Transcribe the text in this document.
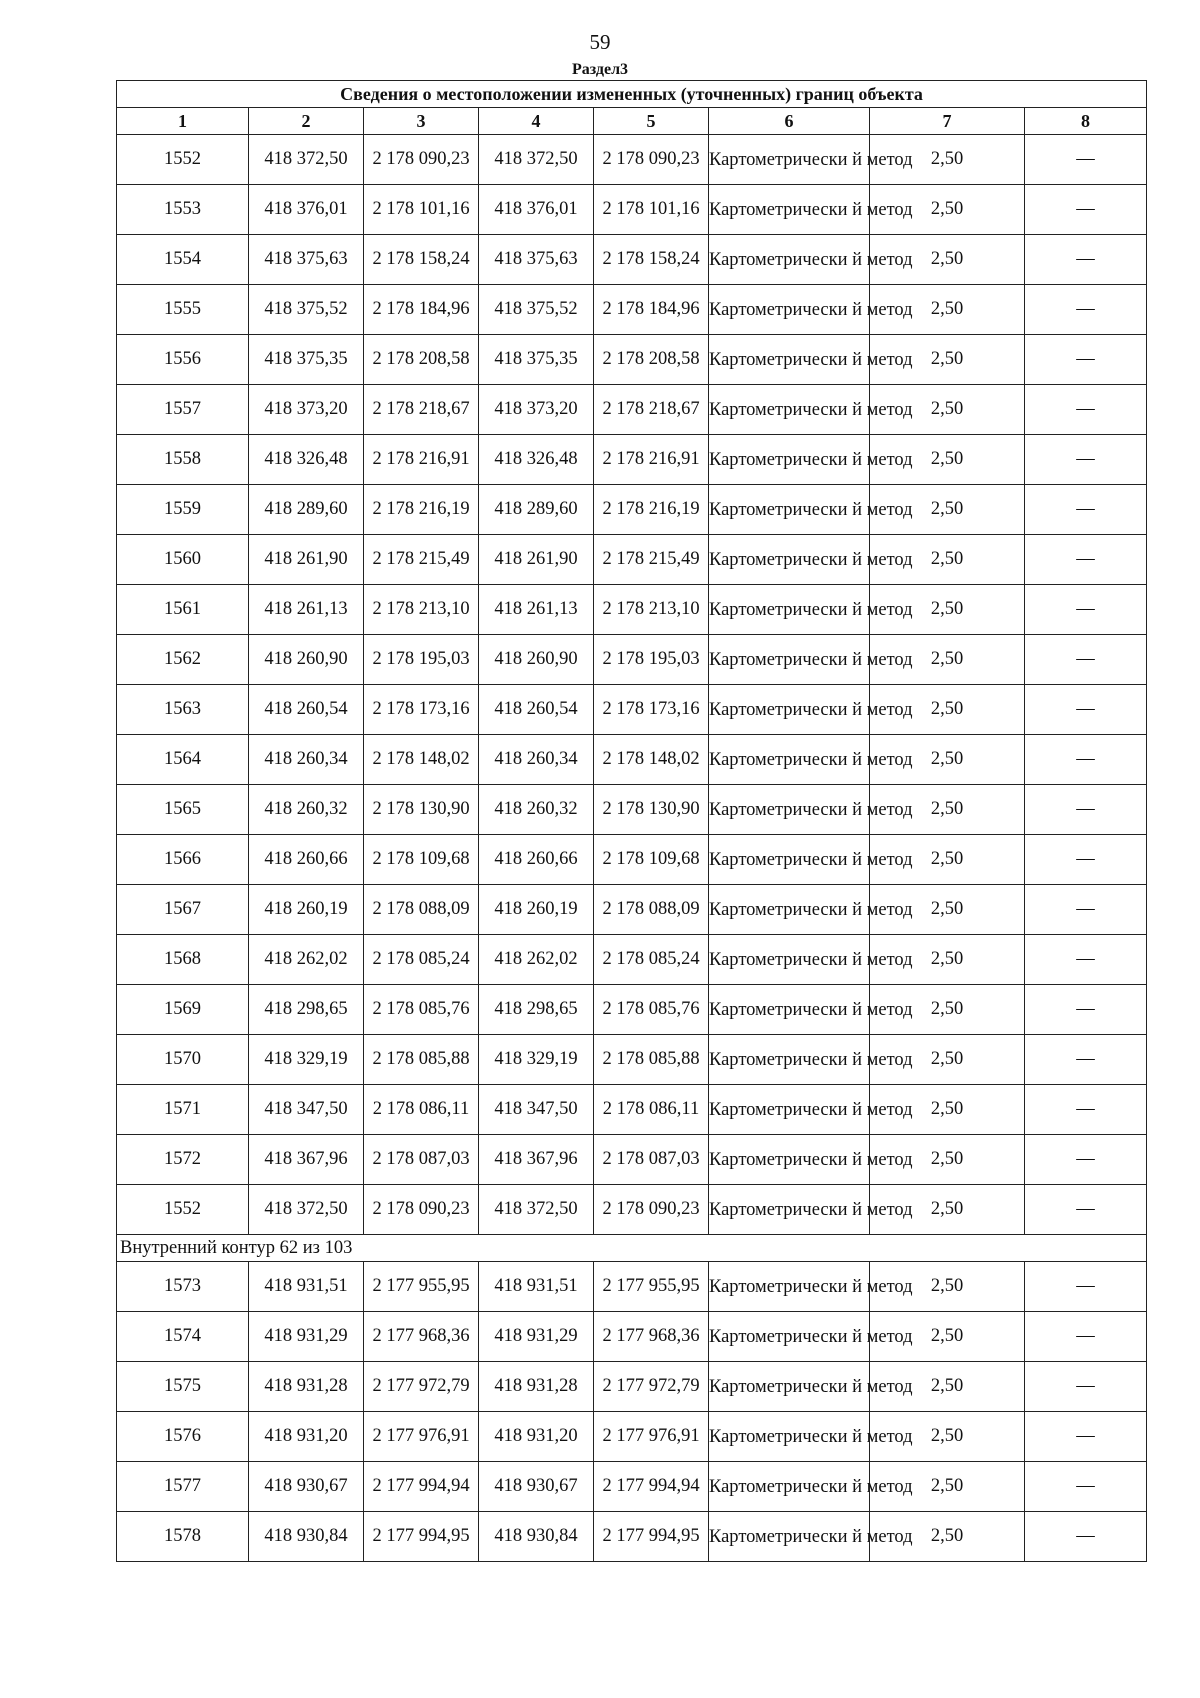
59
Раздел3
Сведения о местоположении измененных (уточненных) границ объекта							
1	2	3	4	5	6	7	8
1552	418 372,50	2 178 090,23	418 372,50	2 178 090,23	Картометрически й метод	2,50	—
1553	418 376,01	2 178 101,16	418 376,01	2 178 101,16	Картометрически й метод	2,50	—
1554	418 375,63	2 178 158,24	418 375,63	2 178 158,24	Картометрически й метод	2,50	—
1555	418 375,52	2 178 184,96	418 375,52	2 178 184,96	Картометрически й метод	2,50	—
1556	418 375,35	2 178 208,58	418 375,35	2 178 208,58	Картометрически й метод	2,50	—
1557	418 373,20	2 178 218,67	418 373,20	2 178 218,67	Картометрически й метод	2,50	—
1558	418 326,48	2 178 216,91	418 326,48	2 178 216,91	Картометрически й метод	2,50	—
1559	418 289,60	2 178 216,19	418 289,60	2 178 216,19	Картометрически й метод	2,50	—
1560	418 261,90	2 178 215,49	418 261,90	2 178 215,49	Картометрически й метод	2,50	—
1561	418 261,13	2 178 213,10	418 261,13	2 178 213,10	Картометрически й метод	2,50	—
1562	418 260,90	2 178 195,03	418 260,90	2 178 195,03	Картометрически й метод	2,50	—
1563	418 260,54	2 178 173,16	418 260,54	2 178 173,16	Картометрически й метод	2,50	—
1564	418 260,34	2 178 148,02	418 260,34	2 178 148,02	Картометрически й метод	2,50	—
1565	418 260,32	2 178 130,90	418 260,32	2 178 130,90	Картометрически й метод	2,50	—
1566	418 260,66	2 178 109,68	418 260,66	2 178 109,68	Картометрически й метод	2,50	—
1567	418 260,19	2 178 088,09	418 260,19	2 178 088,09	Картометрически й метод	2,50	—
1568	418 262,02	2 178 085,24	418 262,02	2 178 085,24	Картометрически й метод	2,50	—
1569	418 298,65	2 178 085,76	418 298,65	2 178 085,76	Картометрически й метод	2,50	—
1570	418 329,19	2 178 085,88	418 329,19	2 178 085,88	Картометрически й метод	2,50	—
1571	418 347,50	2 178 086,11	418 347,50	2 178 086,11	Картометрически й метод	2,50	—
1572	418 367,96	2 178 087,03	418 367,96	2 178 087,03	Картометрически й метод	2,50	—
1552	418 372,50	2 178 090,23	418 372,50	2 178 090,23	Картометрически й метод	2,50	—
Внутренний контур 62 из 103							
1573	418 931,51	2 177 955,95	418 931,51	2 177 955,95	Картометрически й метод	2,50	—
1574	418 931,29	2 177 968,36	418 931,29	2 177 968,36	Картометрически й метод	2,50	—
1575	418 931,28	2 177 972,79	418 931,28	2 177 972,79	Картометрически й метод	2,50	—
1576	418 931,20	2 177 976,91	418 931,20	2 177 976,91	Картометрически й метод	2,50	—
1577	418 930,67	2 177 994,94	418 930,67	2 177 994,94	Картометрически й метод	2,50	—
1578	418 930,84	2 177 994,95	418 930,84	2 177 994,95	Картометрически й метод	2,50	—
